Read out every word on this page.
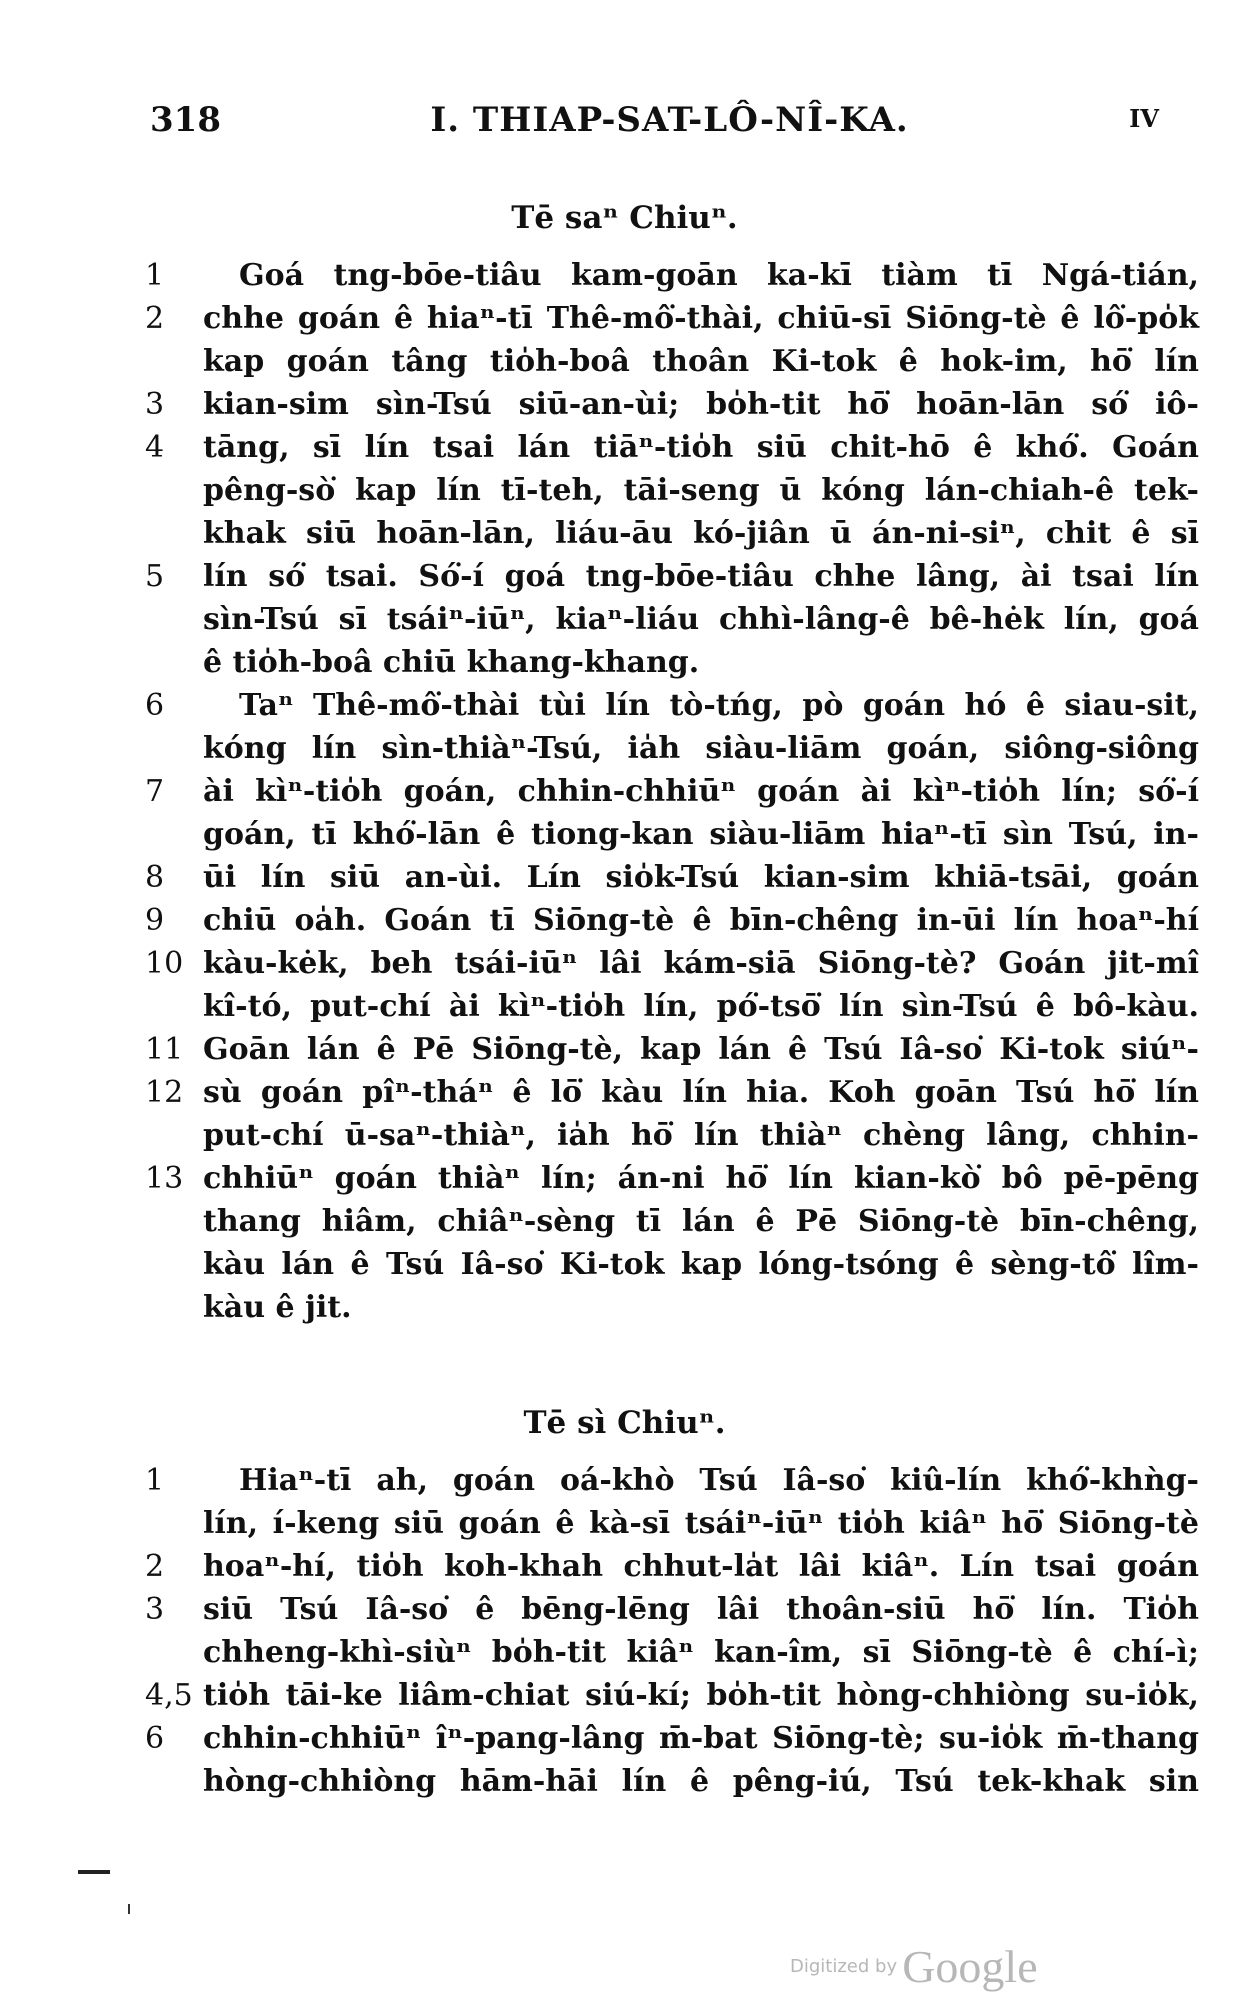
318	I. THIAP-SAT-LÔ-NÎ-KA.	IV
Tē saⁿ Chiuⁿ.
1	Goá tng-bōe-tiâu kam-goān ka-kī tiàm tī Ngá-tián,
2	chhe goán ê hiaⁿ-tī Thê-mô͘-thài, chiū-sī Siōng-tè ê lô͘-po̍k
kap goán tâng tio̍h-boâ thoân Ki-tok ê hok-im, hō͘ lín
3	kian-sim sìn-Tsú siū-an-ùi; bo̍h-tit hō͘ hoān-lān só͘ iô-
4	tāng, sī lín tsai lán tiāⁿ-tio̍h siū chit-hō ê khó͘. Goán
pêng-sò͘ kap lín tī-teh, tāi-seng ū kóng lán-chiah-ê tek-
khak siū hoān-lān, liáu-āu kó-jiân ū án-ni-siⁿ, chit ê sī
5	lín só͘ tsai. Só͘-í goá tng-bōe-tiâu chhe lâng, ài tsai lín
sìn-Tsú sī tsáiⁿ-iūⁿ, kiaⁿ-liáu chhì-lâng-ê bê-hėk lín, goá
ê tio̍h-boâ chiū khang-khang.
6	Taⁿ Thê-mô͘-thài tùi lín tò-tńg, pò goán hó ê siau-sit,
kóng lín sìn-thiàⁿ-Tsú, ia̍h siàu-liām goán, siông-siông
7	ài kìⁿ-tio̍h goán, chhin-chhiūⁿ goán ài kìⁿ-tio̍h lín; só͘-í
goán, tī khó͘-lān ê tiong-kan siàu-liām hiaⁿ-tī sìn Tsú, in-
8	ūi lín siū an-ùi. Lín sio̍k-Tsú kian-sim khiā-tsāi, goán
9	chiū oa̍h. Goán tī Siōng-tè ê bīn-chêng in-ūi lín hoaⁿ-hí
10 kàu-kėk, beh tsái-iūⁿ lâi kám-siā Siōng-tè? Goán jit-mî
kî-tó, put-chí ài kìⁿ-tio̍h lín, pó͘-tsō͘ lín sìn-Tsú ê bô-kàu.
11 Goān lán ê Pē Siōng-tè, kap lán ê Tsú Iâ-so͘ Ki-tok siúⁿ-
12 sù goán pîⁿ-tháⁿ ê lō͘ kàu lín hia. Koh goān Tsú hō͘ lín
put-chí ū-saⁿ-thiàⁿ, ia̍h hō͘ lín thiàⁿ chèng lâng, chhin-
13 chhiūⁿ goán thiàⁿ lín; án-ni hō͘ lín kian-kò͘ bô pē-pēng
thang hiâm, chiâⁿ-sèng tī lán ê Pē Siōng-tè bīn-chêng,
kàu lán ê Tsú Iâ-so͘ Ki-tok kap lóng-tsóng ê sèng-tô͘ lîm-
kàu ê jit.
Tē sì Chiuⁿ.
1	Hiaⁿ-tī ah, goán oá-khò Tsú Iâ-so͘ kiû-lín khó͘-khǹg-
lín, í-keng siū goán ê kà-sī tsáiⁿ-iūⁿ tio̍h kiâⁿ hō͘ Siōng-tè
2	hoaⁿ-hí, tio̍h koh-khah chhut-la̍t lâi kiâⁿ. Lín tsai goán
3	siū Tsú Iâ-so͘ ê bēng-lēng lâi thoân-siū hō͘ lín. Tio̍h
chheng-khì-siùⁿ bo̍h-tit kiâⁿ kan-îm, sī Siōng-tè ê chí-ì;
4,5 tio̍h tāi-ke liâm-chiat siú-kí; bo̍h-tit hòng-chhiòng su-io̍k,
6	chhin-chhiūⁿ îⁿ-pang-lâng m̄-bat Siōng-tè; su-io̍k m̄-thang
hòng-chhiòng hām-hāi lín ê pêng-iú, Tsú tek-khak sin
Digitized by Google
